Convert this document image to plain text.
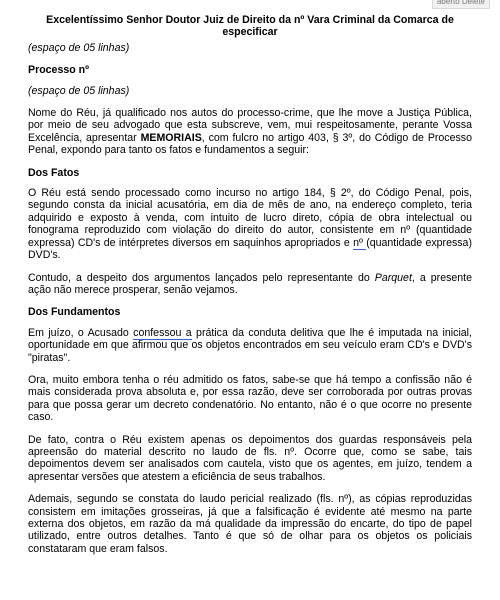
aberto Delete
Excelentíssimo Senhor Doutor Juiz de Direito da nº Vara Criminal da Comarca de especificar
(espaço de 05 linhas)
Processo nº
(espaço de 05 linhas)

Nome do Réu, já qualificado nos autos do processo-crime, que lhe move a Justiça Pública, por meio de seu advogado que esta subscreve, vem, mui respeitosamente, perante Vossa Excelência, apresentar MEMORIAIS, com fulcro no artigo 403, § 3º, do Código de Processo Penal, expondo para tanto os fatos e fundamentos a seguir:

Dos Fatos

O Réu está sendo processado como incurso no artigo 184, § 2º, do Código Penal, pois, segundo consta da inicial acusatória, em dia de mês de ano, na endereço completo, teria adquirido e exposto à venda, com intuito de lucro direto, cópia de obra intelectual ou fonograma reproduzido com violação do direito do autor, consistente em nº (quantidade expressa) CD's de intérpretes diversos em saquinhos apropriados e nº (quantidade expressa) DVD's.

Contudo, a despeito dos argumentos lançados pelo representante do Parquet, a presente ação não merece prosperar, senão vejamos.

Dos Fundamentos

Em juízo, o Acusado confessou a prática da conduta delitiva que lhe é imputada na inicial, oportunidade em que afirmou que os objetos encontrados em seu veículo eram CD's e DVD's "piratas".

Ora, muito embora tenha o réu admitido os fatos, sabe-se que há tempo a confissão não é mais considerada prova absoluta e, por essa razão, deve ser corroborada por outras provas para que possa gerar um decreto condenatório. No entanto, não é o que ocorre no presente caso.

De fato, contra o Réu existem apenas os depoimentos dos guardas responsáveis pela apreensão do material descrito no laudo de fls. nº. Ocorre que, como se sabe, tais depoimentos devem ser analisados com cautela, visto que os agentes, em juízo, tendem a apresentar versões que atestem a eficiência de seus trabalhos.

Ademais, segundo se constata do laudo pericial realizado (fls. nº), as cópias reproduzidas consistem em imitações grosseiras, já que a falsificação é evidente até mesmo na parte externa dos objetos, em razão da má qualidade da impressão do encarte, do tipo de papel utilizado, entre outros detalhes. Tanto é que só de olhar para os objetos os policiais constataram que eram falsos.
